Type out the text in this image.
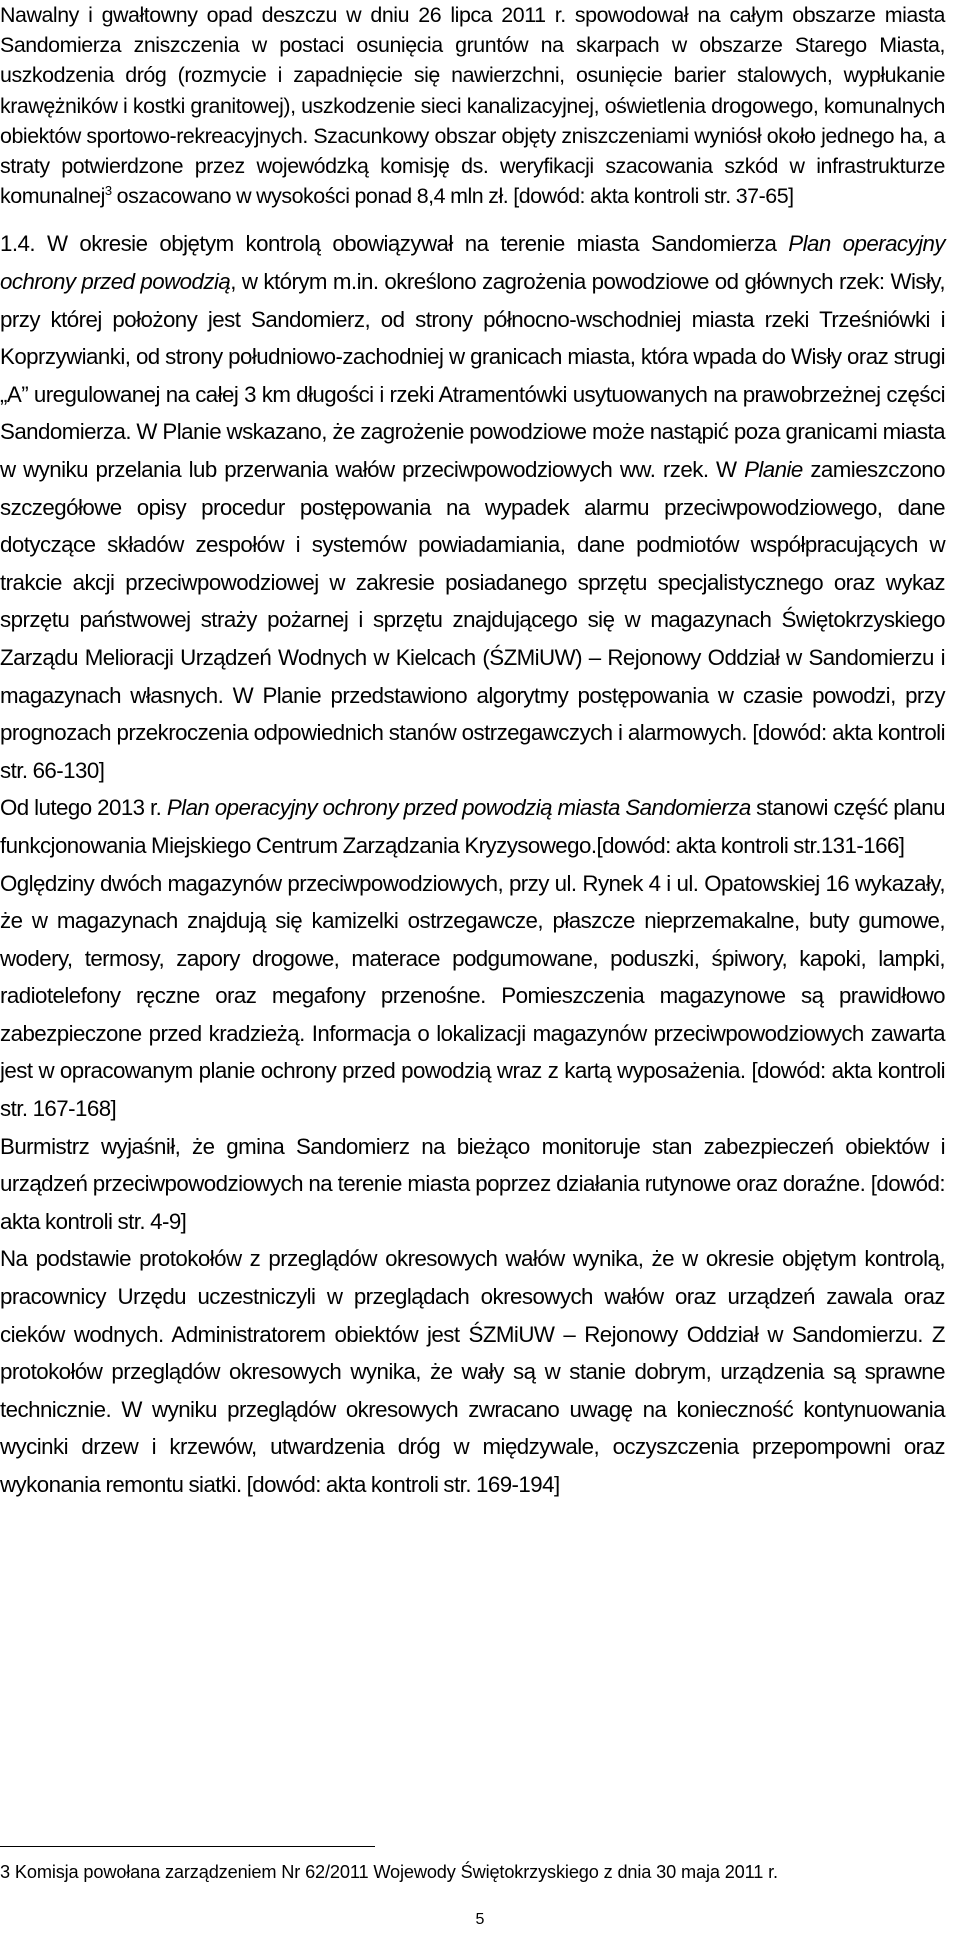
Nawalny i gwałtowny opad deszczu w dniu 26 lipca 2011 r. spowodował na całym obszarze miasta Sandomierza zniszczenia w postaci osunięcia gruntów na skarpach w obszarze Starego Miasta, uszkodzenia dróg (rozmycie i zapadnięcie się nawierzchni, osunięcie barier stalowych, wypłukanie krawężników i kostki granitowej), uszkodzenie sieci kanalizacyjnej, oświetlenia drogowego, komunalnych obiektów sportowo-rekreacyjnych. Szacunkowy obszar objęty zniszczeniami wyniósł około jednego ha, a straty potwierdzone przez wojewódzką komisję ds. weryfikacji szacowania szkód w infrastrukturze komunalnej$^3$ oszacowano w wysokości ponad 8,4 mln zł. [dowód: akta kontroli str. 37-65]

1.4. W okresie objętym kontrolą obowiązywał na terenie miasta Sandomierza Plan operacyjny ochrony przed powodzią, w którym m.in. określono zagrożenia powodziowe od głównych rzek: Wisły, przy której położony jest Sandomierz, od strony północno-wschodniej miasta rzeki Trześniówki i Koprzywianki, od strony południowo-zachodniej w granicach miasta, która wpada do Wisły oraz strugi „A” uregulowanej na całej 3 km długości i rzeki Atramentówki usytuowanych na prawobrzeżnej części Sandomierza. W Planie wskazano, że zagrożenie powodziowe może nastąpić poza granicami miasta w wyniku przelania lub przerwania wałów przeciwpowodziowych ww. rzek. W Planie zamieszczono szczegółowe opisy procedur postępowania na wypadek alarmu przeciwpowodziowego, dane dotyczące składów zespołów i systemów powiadamiania, dane podmiotów współpracujących w trakcie akcji przeciwpowodziowej w zakresie posiadanego sprzętu specjalistycznego oraz wykaz sprzętu państwowej straży pożarnej i sprzętu znajdującego się w magazynach Świętokrzyskiego Zarządu Melioracji Urządzeń Wodnych w Kielcach (ŚZMiUW) – Rejonowy Oddział w Sandomierzu i magazynach własnych. W Planie przedstawiono algorytmy postępowania w czasie powodzi, przy prognozach przekroczenia odpowiednich stanów ostrzegawczych i alarmowych. [dowód: akta kontroli str. 66-130]

Od lutego 2013 r. Plan operacyjny ochrony przed powodzią miasta Sandomierza stanowi część planu funkcjonowania Miejskiego Centrum Zarządzania Kryzysowego.[dowód: akta kontroli str.131-166]

Oględziny dwóch magazynów przeciwpowodziowych, przy ul. Rynek 4 i ul. Opatowskiej 16 wykazały, że w magazynach znajdują się kamizelki ostrzegawcze, płaszcze nieprzemakalne, buty gumowe, wodery, termosy, zapory drogowe, materace podgumowane, poduszki, śpiwory, kapoki, lampki, radiotelefony ręczne oraz megafony przenośne. Pomieszczenia magazynowe są prawidłowo zabezpieczone przed kradzieżą. Informacja o lokalizacji magazynów przeciwpowodziowych zawarta jest w opracowanym planie ochrony przed powodzią wraz z kartą wyposażenia. [dowód: akta kontroli str. 167-168]

Burmistrz wyjaśnił, że gmina Sandomierz na bieżąco monitoruje stan zabezpieczeń obiektów i urządzeń przeciwpowodziowych na terenie miasta poprzez działania rutynowe oraz doraźne. [dowód: akta kontroli str. 4-9]

Na podstawie protokołów z przeglądów okresowych wałów wynika, że w okresie objętym kontrolą, pracownicy Urzędu uczestniczyli w przeglądach okresowych wałów oraz urządzeń zawala oraz cieków wodnych. Administratorem obiektów jest ŚZMiUW – Rejonowy Oddział w Sandomierzu. Z protokołów przeglądów okresowych wynika, że wały są w stanie dobrym, urządzenia są sprawne technicznie. W wyniku przeglądów okresowych zwracano uwagę na konieczność kontynuowania wycinki drzew i krzewów, utwardzenia dróg w międzywale, oczyszczenia przepompowni oraz wykonania remontu siatki. [dowód: akta kontroli str. 169-194]

3 Komisja powołana zarządzeniem Nr 62/2011 Wojewody Świętokrzyskiego z dnia 30 maja 2011 r.

5
